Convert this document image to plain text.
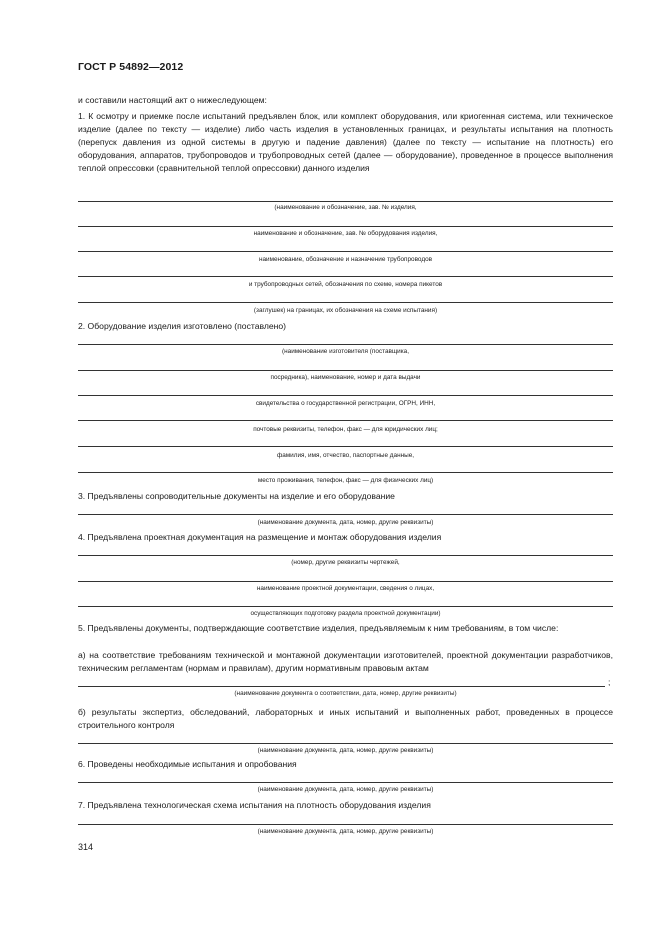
ГОСТ Р 54892—2012
и составили настоящий акт о нижеследующем:
1. К осмотру и приемке после испытаний предъявлен блок, или комплект оборудования, или криогенная система, или техническое изделие (далее по тексту — изделие) либо часть изделия в установленных границах, и результаты испытания на плотность (перепуск давления из одной системы в другую и падение давления) (далее по тексту — испытание на плотность) его оборудования, аппаратов, трубопроводов и трубопроводных сетей (далее — оборудование), проведенное в процессе выполнения теплой опрессовки (сравнительной теплой опрессовки) данного изделия
(наименование и обозначение, зав. № изделия,
наименование и обозначение, зав. № оборудования изделия,
наименование, обозначение и назначение трубопроводов
и трубопроводных сетей, обозначения по схеме, номера пикетов
(заглушек) на границах, их обозначения на схеме испытания)
2. Оборудование изделия изготовлено (поставлено)
(наименование изготовителя (поставщика,
посредника), наименование, номер и дата выдачи
свидетельства о государственной регистрации, ОГРН, ИНН,
почтовые реквизиты, телефон, факс — для юридических лиц;
фамилия, имя, отчество, паспортные данные,
место проживания, телефон, факс — для физических лиц)
3. Предъявлены сопроводительные документы на изделие и его оборудование
(наименование документа, дата, номер, другие реквизиты)
4. Предъявлена проектная документация на размещение и монтаж оборудования изделия
(номер, другие реквизиты чертежей,
наименование проектной документации, сведения о лицах,
осуществляющих подготовку раздела проектной документации)
5. Предъявлены документы, подтверждающие соответствие изделия, предъявляемым к ним требованиям, в том числе:
а) на соответствие требованиям технической и монтажной документации изготовителей, проектной документации разработчиков, техническим регламентам (нормам и правилам), другим нормативным правовым актам
;
(наименование документа о соответствии, дата, номер, другие реквизиты)
б) результаты экспертиз, обследований, лабораторных и иных испытаний и выполненных работ, проведенных в процессе строительного контроля
(наименование документа, дата, номер, другие реквизиты)
6. Проведены необходимые испытания и опробования
(наименование документа, дата, номер, другие реквизиты)
7. Предъявлена технологическая схема испытания на плотность оборудования изделия
(наименование документа, дата, номер, другие реквизиты)
314
